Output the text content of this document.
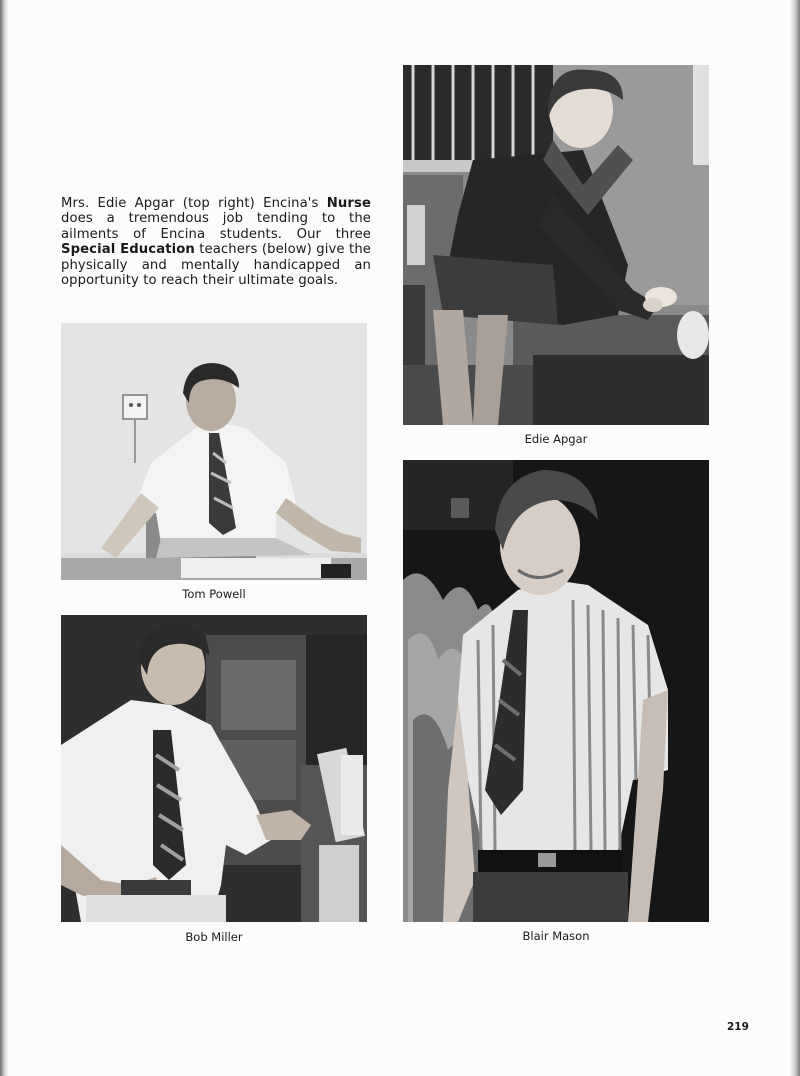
Mrs. Edie Apgar (top right) Encina's Nurse does a tremendous job tending to the ailments of Encina students. Our three Special Education teachers (below) give the physically and mentally handicapped an opportunity to reach their ultimate goals.
Edie Apgar
Tom Powell
Blair Mason
Bob Miller
219
